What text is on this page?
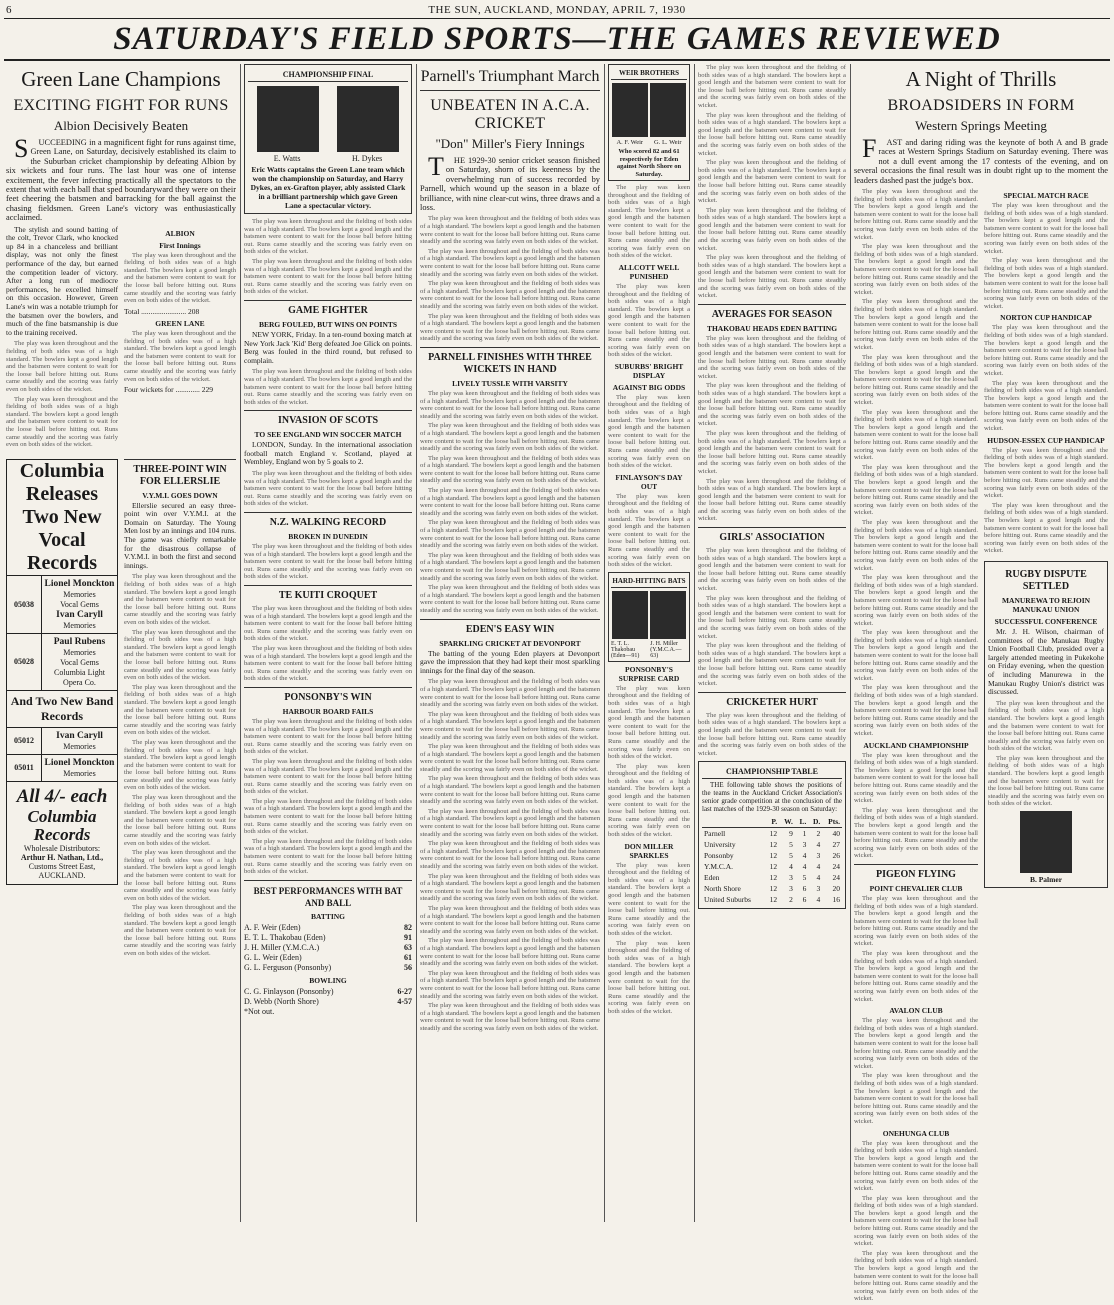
6	THE SUN, AUCKLAND, MONDAY, APRIL 7, 1930
SATURDAY'S FIELD SPORTS—THE GAMES REVIEWED
Green Lane Champions
EXCITING FIGHT FOR RUNS
Albion Decisively Beaten

SUCCEEDING in a magnificent fight for runs against time, Green Lane, on Saturday, decisively established its claim to the Suburban cricket championship by defeating Albion by six wickets and four runs. The last hour was one of intense excitement, the fever infecting practically all the spectators to the extent that with each ball that sped boundaryward they were on their feet cheering the batsmen and barracking for the ball against the chasing fieldsmen. Green Lane's victory was enthusiastically acclaimed.

The stylish and sound batting of the colt, Trevor Clark, who knocked up 84 in a chanceless and brilliant display, was not only the finest performance of the day, but earned the competition leader of victory. After a long run of mediocre performances, he excelled himself on this occasion. However, Green Lane's win was a notable triumph for the batsmen over the bowlers, and much of the fine batsmanship is due to the training received.

The play was keen throughout and the fielding of both sides was of a high standard. The bowlers kept a good length and the batsmen were content to wait for the loose ball before hitting out. Runs came steadily and the scoring was fairly even on both sides of the wicket.

The play was keen throughout and the fielding of both sides was of a high standard. The bowlers kept a good length and the batsmen were content to wait for the loose ball before hitting out. Runs came steadily and the scoring was fairly even on both sides of the wicket.

ALBION
First Innings

The play was keen throughout and the fielding of both sides was of a high standard. The bowlers kept a good length and the batsmen were content to wait for the loose ball before hitting out. Runs came steadily and the scoring was fairly even on both sides of the wicket.

Total ........................ 208
GREEN LANE

The play was keen throughout and the fielding of both sides was of a high standard. The bowlers kept a good length and the batsmen were content to wait for the loose ball before hitting out. Runs came steadily and the scoring was fairly even on both sides of the wicket.

Four wickets for ............. 229
Columbia
Releases
Two New
Vocal
Records
05038
Lionel Monckton
Memories
Vocal Gems
Ivan Caryll
Memories
05028
Paul Rubens
Memories
Vocal Gems
Columbia Light
Opera Co.
And Two New Band Records
05012	Ivan Caryll
Memories
05011	Lionel Monckton
Memories
All 4/- each
Columbia
Records
Wholesale Distributors:
Arthur H. Nathan, Ltd.,
Customs Street East, AUCKLAND.
THREE-POINT WIN FOR ELLERSLIE
V.Y.M.I. GOES DOWN

Ellerslie secured an easy three-point win over V.Y.M.I. at the Domain on Saturday. The Young Men lost by an innings and 104 runs. The game was chiefly remarkable for the disastrous collapse of V.Y.M.I. in both the first and second innings.

The play was keen throughout and the fielding of both sides was of a high standard. The bowlers kept a good length and the batsmen were content to wait for the loose ball before hitting out. Runs came steadily and the scoring was fairly even on both sides of the wicket.

The play was keen throughout and the fielding of both sides was of a high standard. The bowlers kept a good length and the batsmen were content to wait for the loose ball before hitting out. Runs came steadily and the scoring was fairly even on both sides of the wicket.

The play was keen throughout and the fielding of both sides was of a high standard. The bowlers kept a good length and the batsmen were content to wait for the loose ball before hitting out. Runs came steadily and the scoring was fairly even on both sides of the wicket.

The play was keen throughout and the fielding of both sides was of a high standard. The bowlers kept a good length and the batsmen were content to wait for the loose ball before hitting out. Runs came steadily and the scoring was fairly even on both sides of the wicket.

The play was keen throughout and the fielding of both sides was of a high standard. The bowlers kept a good length and the batsmen were content to wait for the loose ball before hitting out. Runs came steadily and the scoring was fairly even on both sides of the wicket.

The play was keen throughout and the fielding of both sides was of a high standard. The bowlers kept a good length and the batsmen were content to wait for the loose ball before hitting out. Runs came steadily and the scoring was fairly even on both sides of the wicket.

The play was keen throughout and the fielding of both sides was of a high standard. The bowlers kept a good length and the batsmen were content to wait for the loose ball before hitting out. Runs came steadily and the scoring was fairly even on both sides of the wicket.

CHAMPIONSHIP FINAL
E. Watts	H. Dykes
Eric Watts captains the Green Lane team which won the championship on Saturday, and Harry Dykes, an ex-Grafton player, ably assisted Clark in a brilliant partnership which gave Green Lane a spectacular victory.

The play was keen throughout and the fielding of both sides was of a high standard. The bowlers kept a good length and the batsmen were content to wait for the loose ball before hitting out. Runs came steadily and the scoring was fairly even on both sides of the wicket.

The play was keen throughout and the fielding of both sides was of a high standard. The bowlers kept a good length and the batsmen were content to wait for the loose ball before hitting out. Runs came steadily and the scoring was fairly even on both sides of the wicket.

GAME FIGHTER
BERG FOULED, BUT WINS ON POINTS

NEW YORK, Friday. In a ten-round boxing match at New York Jack 'Kid' Berg defeated Joe Glick on points. Berg was fouled in the third round, but refused to complain.

The play was keen throughout and the fielding of both sides was of a high standard. The bowlers kept a good length and the batsmen were content to wait for the loose ball before hitting out. Runs came steadily and the scoring was fairly even on both sides of the wicket.

INVASION OF SCOTS
TO SEE ENGLAND WIN SOCCER MATCH

LONDON, Sunday. In the international association football match England v. Scotland, played at Wembley, England won by 5 goals to 2.

The play was keen throughout and the fielding of both sides was of a high standard. The bowlers kept a good length and the batsmen were content to wait for the loose ball before hitting out. Runs came steadily and the scoring was fairly even on both sides of the wicket.

N.Z. WALKING RECORD
BROKEN IN DUNEDIN

The play was keen throughout and the fielding of both sides was of a high standard. The bowlers kept a good length and the batsmen were content to wait for the loose ball before hitting out. Runs came steadily and the scoring was fairly even on both sides of the wicket.

TE KUITI CROQUET

The play was keen throughout and the fielding of both sides was of a high standard. The bowlers kept a good length and the batsmen were content to wait for the loose ball before hitting out. Runs came steadily and the scoring was fairly even on both sides of the wicket.

The play was keen throughout and the fielding of both sides was of a high standard. The bowlers kept a good length and the batsmen were content to wait for the loose ball before hitting out. Runs came steadily and the scoring was fairly even on both sides of the wicket.

PONSONBY'S WIN
HARBOUR BOARD FAILS

The play was keen throughout and the fielding of both sides was of a high standard. The bowlers kept a good length and the batsmen were content to wait for the loose ball before hitting out. Runs came steadily and the scoring was fairly even on both sides of the wicket.

The play was keen throughout and the fielding of both sides was of a high standard. The bowlers kept a good length and the batsmen were content to wait for the loose ball before hitting out. Runs came steadily and the scoring was fairly even on both sides of the wicket.

The play was keen throughout and the fielding of both sides was of a high standard. The bowlers kept a good length and the batsmen were content to wait for the loose ball before hitting out. Runs came steadily and the scoring was fairly even on both sides of the wicket.

The play was keen throughout and the fielding of both sides was of a high standard. The bowlers kept a good length and the batsmen were content to wait for the loose ball before hitting out. Runs came steadily and the scoring was fairly even on both sides of the wicket.

BEST PERFORMANCES WITH BAT AND BALL
BATTING
A. F. Weir (Eden)	82
E. T. L. Thakobau (Eden)	91
J. H. Miller (Y.M.C.A.)	63
G. L. Weir (Eden)	61
G. L. Ferguson (Ponsonby)	56
BOWLING
C. G. Finlayson (Ponsonby)	6-27
D. Webb (North Shore)	4-57
*Not out.
Parnell's Triumphant March
UNBEATEN IN A.C.A. CRICKET
"Don" Miller's Fiery Innings

THE 1929-30 senior cricket season finished on Saturday, shorn of its keenness by the overwhelming run of success recorded by Parnell, which wound up the season in a blaze of brilliance, with nine clear-cut wins, three draws and a loss.

The play was keen throughout and the fielding of both sides was of a high standard. The bowlers kept a good length and the batsmen were content to wait for the loose ball before hitting out. Runs came steadily and the scoring was fairly even on both sides of the wicket.

The play was keen throughout and the fielding of both sides was of a high standard. The bowlers kept a good length and the batsmen were content to wait for the loose ball before hitting out. Runs came steadily and the scoring was fairly even on both sides of the wicket.

The play was keen throughout and the fielding of both sides was of a high standard. The bowlers kept a good length and the batsmen were content to wait for the loose ball before hitting out. Runs came steadily and the scoring was fairly even on both sides of the wicket.

The play was keen throughout and the fielding of both sides was of a high standard. The bowlers kept a good length and the batsmen were content to wait for the loose ball before hitting out. Runs came steadily and the scoring was fairly even on both sides of the wicket.

PARNELL FINISHES WITH THREE WICKETS IN HAND
LIVELY TUSSLE WITH VARSITY

The play was keen throughout and the fielding of both sides was of a high standard. The bowlers kept a good length and the batsmen were content to wait for the loose ball before hitting out. Runs came steadily and the scoring was fairly even on both sides of the wicket.

The play was keen throughout and the fielding of both sides was of a high standard. The bowlers kept a good length and the batsmen were content to wait for the loose ball before hitting out. Runs came steadily and the scoring was fairly even on both sides of the wicket.

The play was keen throughout and the fielding of both sides was of a high standard. The bowlers kept a good length and the batsmen were content to wait for the loose ball before hitting out. Runs came steadily and the scoring was fairly even on both sides of the wicket.

The play was keen throughout and the fielding of both sides was of a high standard. The bowlers kept a good length and the batsmen were content to wait for the loose ball before hitting out. Runs came steadily and the scoring was fairly even on both sides of the wicket.

The play was keen throughout and the fielding of both sides was of a high standard. The bowlers kept a good length and the batsmen were content to wait for the loose ball before hitting out. Runs came steadily and the scoring was fairly even on both sides of the wicket.

The play was keen throughout and the fielding of both sides was of a high standard. The bowlers kept a good length and the batsmen were content to wait for the loose ball before hitting out. Runs came steadily and the scoring was fairly even on both sides of the wicket.

The play was keen throughout and the fielding of both sides was of a high standard. The bowlers kept a good length and the batsmen were content to wait for the loose ball before hitting out. Runs came steadily and the scoring was fairly even on both sides of the wicket.

EDEN'S EASY WIN
SPARKLING CRICKET AT DEVONPORT

The batting of the young Eden players at Devonport gave the impression that they had kept their most sparkling innings for the final day of the season.

The play was keen throughout and the fielding of both sides was of a high standard. The bowlers kept a good length and the batsmen were content to wait for the loose ball before hitting out. Runs came steadily and the scoring was fairly even on both sides of the wicket.

The play was keen throughout and the fielding of both sides was of a high standard. The bowlers kept a good length and the batsmen were content to wait for the loose ball before hitting out. Runs came steadily and the scoring was fairly even on both sides of the wicket.

The play was keen throughout and the fielding of both sides was of a high standard. The bowlers kept a good length and the batsmen were content to wait for the loose ball before hitting out. Runs came steadily and the scoring was fairly even on both sides of the wicket.

The play was keen throughout and the fielding of both sides was of a high standard. The bowlers kept a good length and the batsmen were content to wait for the loose ball before hitting out. Runs came steadily and the scoring was fairly even on both sides of the wicket.

The play was keen throughout and the fielding of both sides was of a high standard. The bowlers kept a good length and the batsmen were content to wait for the loose ball before hitting out. Runs came steadily and the scoring was fairly even on both sides of the wicket.

The play was keen throughout and the fielding of both sides was of a high standard. The bowlers kept a good length and the batsmen were content to wait for the loose ball before hitting out. Runs came steadily and the scoring was fairly even on both sides of the wicket.

The play was keen throughout and the fielding of both sides was of a high standard. The bowlers kept a good length and the batsmen were content to wait for the loose ball before hitting out. Runs came steadily and the scoring was fairly even on both sides of the wicket.

The play was keen throughout and the fielding of both sides was of a high standard. The bowlers kept a good length and the batsmen were content to wait for the loose ball before hitting out. Runs came steadily and the scoring was fairly even on both sides of the wicket.

The play was keen throughout and the fielding of both sides was of a high standard. The bowlers kept a good length and the batsmen were content to wait for the loose ball before hitting out. Runs came steadily and the scoring was fairly even on both sides of the wicket.

The play was keen throughout and the fielding of both sides was of a high standard. The bowlers kept a good length and the batsmen were content to wait for the loose ball before hitting out. Runs came steadily and the scoring was fairly even on both sides of the wicket.

The play was keen throughout and the fielding of both sides was of a high standard. The bowlers kept a good length and the batsmen were content to wait for the loose ball before hitting out. Runs came steadily and the scoring was fairly even on both sides of the wicket.

WEIR BROTHERS
A. F. Weir G. L. Weir
Who scored 82 and 61 respectively for Eden against North Shore on Saturday.

The play was keen throughout and the fielding of both sides was of a high standard. The bowlers kept a good length and the batsmen were content to wait for the loose ball before hitting out. Runs came steadily and the scoring was fairly even on both sides of the wicket.

ALLCOTT WELL PUNISHED

The play was keen throughout and the fielding of both sides was of a high standard. The bowlers kept a good length and the batsmen were content to wait for the loose ball before hitting out. Runs came steadily and the scoring was fairly even on both sides of the wicket.

SUBURBS' BRIGHT DISPLAY
AGAINST BIG ODDS

The play was keen throughout and the fielding of both sides was of a high standard. The bowlers kept a good length and the batsmen were content to wait for the loose ball before hitting out. Runs came steadily and the scoring was fairly even on both sides of the wicket.

FINLAYSON'S DAY OUT

The play was keen throughout and the fielding of both sides was of a high standard. The bowlers kept a good length and the batsmen were content to wait for the loose ball before hitting out. Runs came steadily and the scoring was fairly even on both sides of the wicket.

HARD-HITTING BATS
E. T. L. Thakobau (Eden—91)
J. H. Miller (Y.M.C.A.—63)
PONSONBY'S SURPRISE CARD

The play was keen throughout and the fielding of both sides was of a high standard. The bowlers kept a good length and the batsmen were content to wait for the loose ball before hitting out. Runs came steadily and the scoring was fairly even on both sides of the wicket.

The play was keen throughout and the fielding of both sides was of a high standard. The bowlers kept a good length and the batsmen were content to wait for the loose ball before hitting out. Runs came steadily and the scoring was fairly even on both sides of the wicket.

DON MILLER SPARKLES

The play was keen throughout and the fielding of both sides was of a high standard. The bowlers kept a good length and the batsmen were content to wait for the loose ball before hitting out. Runs came steadily and the scoring was fairly even on both sides of the wicket.

The play was keen throughout and the fielding of both sides was of a high standard. The bowlers kept a good length and the batsmen were content to wait for the loose ball before hitting out. Runs came steadily and the scoring was fairly even on both sides of the wicket.

The play was keen throughout and the fielding of both sides was of a high standard. The bowlers kept a good length and the batsmen were content to wait for the loose ball before hitting out. Runs came steadily and the scoring was fairly even on both sides of the wicket.

The play was keen throughout and the fielding of both sides was of a high standard. The bowlers kept a good length and the batsmen were content to wait for the loose ball before hitting out. Runs came steadily and the scoring was fairly even on both sides of the wicket.

The play was keen throughout and the fielding of both sides was of a high standard. The bowlers kept a good length and the batsmen were content to wait for the loose ball before hitting out. Runs came steadily and the scoring was fairly even on both sides of the wicket.

The play was keen throughout and the fielding of both sides was of a high standard. The bowlers kept a good length and the batsmen were content to wait for the loose ball before hitting out. Runs came steadily and the scoring was fairly even on both sides of the wicket.

The play was keen throughout and the fielding of both sides was of a high standard. The bowlers kept a good length and the batsmen were content to wait for the loose ball before hitting out. Runs came steadily and the scoring was fairly even on both sides of the wicket.

AVERAGES FOR SEASON
THAKOBAU HEADS EDEN BATTING

The play was keen throughout and the fielding of both sides was of a high standard. The bowlers kept a good length and the batsmen were content to wait for the loose ball before hitting out. Runs came steadily and the scoring was fairly even on both sides of the wicket.

The play was keen throughout and the fielding of both sides was of a high standard. The bowlers kept a good length and the batsmen were content to wait for the loose ball before hitting out. Runs came steadily and the scoring was fairly even on both sides of the wicket.

The play was keen throughout and the fielding of both sides was of a high standard. The bowlers kept a good length and the batsmen were content to wait for the loose ball before hitting out. Runs came steadily and the scoring was fairly even on both sides of the wicket.

The play was keen throughout and the fielding of both sides was of a high standard. The bowlers kept a good length and the batsmen were content to wait for the loose ball before hitting out. Runs came steadily and the scoring was fairly even on both sides of the wicket.

GIRLS' ASSOCIATION

The play was keen throughout and the fielding of both sides was of a high standard. The bowlers kept a good length and the batsmen were content to wait for the loose ball before hitting out. Runs came steadily and the scoring was fairly even on both sides of the wicket.

The play was keen throughout and the fielding of both sides was of a high standard. The bowlers kept a good length and the batsmen were content to wait for the loose ball before hitting out. Runs came steadily and the scoring was fairly even on both sides of the wicket.

The play was keen throughout and the fielding of both sides was of a high standard. The bowlers kept a good length and the batsmen were content to wait for the loose ball before hitting out. Runs came steadily and the scoring was fairly even on both sides of the wicket.

CRICKETER HURT

The play was keen throughout and the fielding of both sides was of a high standard. The bowlers kept a good length and the batsmen were content to wait for the loose ball before hitting out. Runs came steadily and the scoring was fairly even on both sides of the wicket.

CHAMPIONSHIP TABLE

THE following table shows the positions of the teams in the Auckland Cricket Association's senior grade competition at the conclusion of the last matches of the 1929-30 season on Saturday:

	P.	W.	L.	D.	Pts.
Parnell	12	9	1	2	40
University	12	5	3	4	27
Ponsonby	12	5	4	3	26
Y.M.C.A.	12	4	4	4	24
Eden	12	3	5	4	24
North Shore	12	3	6	3	20
United Suburbs	12	2	6	4	16
A Night of Thrills
BROADSIDERS IN FORM
Western Springs Meeting

FAST and daring riding was the keynote of both A and B grade races at Western Springs Stadium on Saturday evening. There was not a dull event among the 17 contests of the evening, and on several occasions the final result was in doubt right up to the moment the leaders dashed past the judge's box.

The play was keen throughout and the fielding of both sides was of a high standard. The bowlers kept a good length and the batsmen were content to wait for the loose ball before hitting out. Runs came steadily and the scoring was fairly even on both sides of the wicket.

The play was keen throughout and the fielding of both sides was of a high standard. The bowlers kept a good length and the batsmen were content to wait for the loose ball before hitting out. Runs came steadily and the scoring was fairly even on both sides of the wicket.

The play was keen throughout and the fielding of both sides was of a high standard. The bowlers kept a good length and the batsmen were content to wait for the loose ball before hitting out. Runs came steadily and the scoring was fairly even on both sides of the wicket.

The play was keen throughout and the fielding of both sides was of a high standard. The bowlers kept a good length and the batsmen were content to wait for the loose ball before hitting out. Runs came steadily and the scoring was fairly even on both sides of the wicket.

The play was keen throughout and the fielding of both sides was of a high standard. The bowlers kept a good length and the batsmen were content to wait for the loose ball before hitting out. Runs came steadily and the scoring was fairly even on both sides of the wicket.

The play was keen throughout and the fielding of both sides was of a high standard. The bowlers kept a good length and the batsmen were content to wait for the loose ball before hitting out. Runs came steadily and the scoring was fairly even on both sides of the wicket.

The play was keen throughout and the fielding of both sides was of a high standard. The bowlers kept a good length and the batsmen were content to wait for the loose ball before hitting out. Runs came steadily and the scoring was fairly even on both sides of the wicket.

The play was keen throughout and the fielding of both sides was of a high standard. The bowlers kept a good length and the batsmen were content to wait for the loose ball before hitting out. Runs came steadily and the scoring was fairly even on both sides of the wicket.

The play was keen throughout and the fielding of both sides was of a high standard. The bowlers kept a good length and the batsmen were content to wait for the loose ball before hitting out. Runs came steadily and the scoring was fairly even on both sides of the wicket.

The play was keen throughout and the fielding of both sides was of a high standard. The bowlers kept a good length and the batsmen were content to wait for the loose ball before hitting out. Runs came steadily and the scoring was fairly even on both sides of the wicket.

AUCKLAND CHAMPIONSHIP

The play was keen throughout and the fielding of both sides was of a high standard. The bowlers kept a good length and the batsmen were content to wait for the loose ball before hitting out. Runs came steadily and the scoring was fairly even on both sides of the wicket.

The play was keen throughout and the fielding of both sides was of a high standard. The bowlers kept a good length and the batsmen were content to wait for the loose ball before hitting out. Runs came steadily and the scoring was fairly even on both sides of the wicket.

PIGEON FLYING
POINT CHEVALIER CLUB

The play was keen throughout and the fielding of both sides was of a high standard. The bowlers kept a good length and the batsmen were content to wait for the loose ball before hitting out. Runs came steadily and the scoring was fairly even on both sides of the wicket.

The play was keen throughout and the fielding of both sides was of a high standard. The bowlers kept a good length and the batsmen were content to wait for the loose ball before hitting out. Runs came steadily and the scoring was fairly even on both sides of the wicket.

AVALON CLUB

The play was keen throughout and the fielding of both sides was of a high standard. The bowlers kept a good length and the batsmen were content to wait for the loose ball before hitting out. Runs came steadily and the scoring was fairly even on both sides of the wicket.

The play was keen throughout and the fielding of both sides was of a high standard. The bowlers kept a good length and the batsmen were content to wait for the loose ball before hitting out. Runs came steadily and the scoring was fairly even on both sides of the wicket.

ONEHUNGA CLUB

The play was keen throughout and the fielding of both sides was of a high standard. The bowlers kept a good length and the batsmen were content to wait for the loose ball before hitting out. Runs came steadily and the scoring was fairly even on both sides of the wicket.

The play was keen throughout and the fielding of both sides was of a high standard. The bowlers kept a good length and the batsmen were content to wait for the loose ball before hitting out. Runs came steadily and the scoring was fairly even on both sides of the wicket.

The play was keen throughout and the fielding of both sides was of a high standard. The bowlers kept a good length and the batsmen were content to wait for the loose ball before hitting out. Runs came steadily and the scoring was fairly even on both sides of the wicket.

SPECIAL MATCH RACE

The play was keen throughout and the fielding of both sides was of a high standard. The bowlers kept a good length and the batsmen were content to wait for the loose ball before hitting out. Runs came steadily and the scoring was fairly even on both sides of the wicket.

The play was keen throughout and the fielding of both sides was of a high standard. The bowlers kept a good length and the batsmen were content to wait for the loose ball before hitting out. Runs came steadily and the scoring was fairly even on both sides of the wicket.

NORTON CUP HANDICAP

The play was keen throughout and the fielding of both sides was of a high standard. The bowlers kept a good length and the batsmen were content to wait for the loose ball before hitting out. Runs came steadily and the scoring was fairly even on both sides of the wicket.

The play was keen throughout and the fielding of both sides was of a high standard. The bowlers kept a good length and the batsmen were content to wait for the loose ball before hitting out. Runs came steadily and the scoring was fairly even on both sides of the wicket.

HUDSON-ESSEX CUP HANDICAP

The play was keen throughout and the fielding of both sides was of a high standard. The bowlers kept a good length and the batsmen were content to wait for the loose ball before hitting out. Runs came steadily and the scoring was fairly even on both sides of the wicket.

The play was keen throughout and the fielding of both sides was of a high standard. The bowlers kept a good length and the batsmen were content to wait for the loose ball before hitting out. Runs came steadily and the scoring was fairly even on both sides of the wicket.

RUGBY DISPUTE SETTLED
MANUREWA TO REJOIN MANUKAU UNION
SUCCESSFUL CONFERENCE

Mr. J. H. Wilson, chairman of committees of the Manukau Rugby Union Football Club, presided over a largely attended meeting in Pukekohe on Friday evening, when the question of including Manurewa in the Manukau Rugby Union's district was discussed.

The play was keen throughout and the fielding of both sides was of a high standard. The bowlers kept a good length and the batsmen were content to wait for the loose ball before hitting out. Runs came steadily and the scoring was fairly even on both sides of the wicket.

The play was keen throughout and the fielding of both sides was of a high standard. The bowlers kept a good length and the batsmen were content to wait for the loose ball before hitting out. Runs came steadily and the scoring was fairly even on both sides of the wicket.

B. Palmer
